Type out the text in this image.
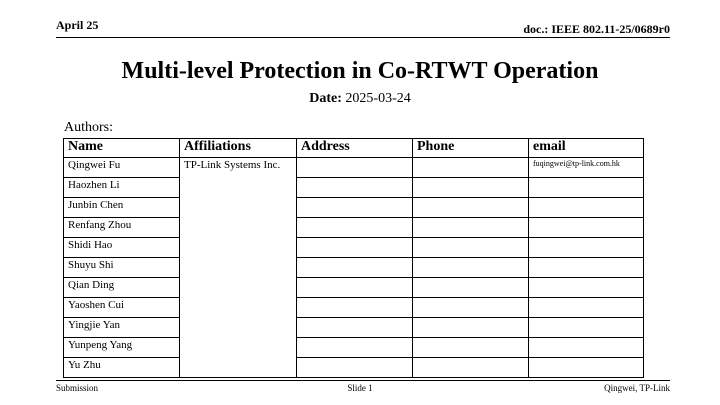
April 25	doc.: IEEE 802.11-25/0689r0
Multi-level Protection in Co-RTWT Operation
Date: 2025-03-24
Authors:
Name	Affiliations	Address	Phone	email
Qingwei Fu	TP-Link Systems Inc.			fuqingwei@tp-link.com.hk
Haozhen Li				
Junbin Chen				
Renfang Zhou				
Shidi Hao				
Shuyu Shi				
Qian Ding				
Yaoshen Cui				
Yingjie Yan				
Yunpeng Yang				
Yu Zhu				
Submission	Slide 1	Qingwei, TP-Link
